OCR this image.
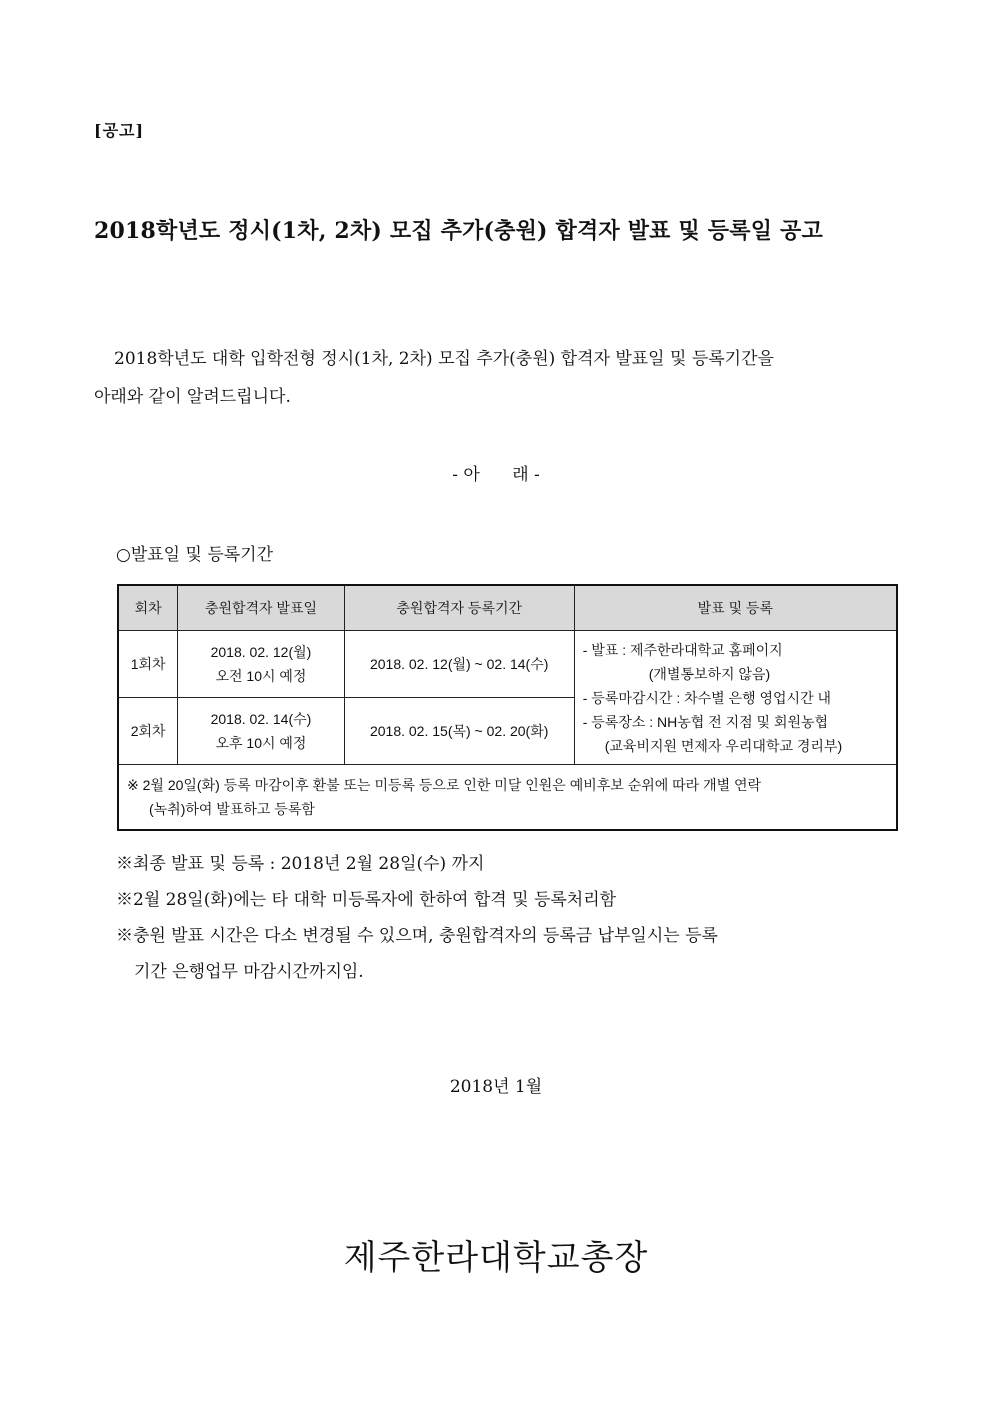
[공고]
2018학년도 정시(1차, 2차) 모집 추가(충원) 합격자 발표 및 등록일 공고
2018학년도 대학 입학전형 정시(1차, 2차) 모집 추가(충원) 합격자 발표일 및 등록기간을
아래와 같이 알려드립니다.
- 아      래 -
○발표일 및 등록기간
회차	충원합격자 발표일	충원합격자 등록기간	발표 및 등록
1회차	2018. 02. 12(월)
오전 10시 예정	2018. 02. 12(월) ~ 02. 14(수)	- 발표 : 제주한라대학교 홈페이지
(개별통보하지 않음)
- 등록마감시간 : 차수별 은행 영업시간 내
- 등록장소 : NH농협 전 지점 및 회원농협
(교육비지원 면제자 우리대학교 경리부)

2회차	2018. 02. 14(수)
오후 10시 예정	2018. 02. 15(목) ~ 02. 20(화)	

※ 2월 20일(화) 등록 마감이후 환불 또는 미등록 등으로 인한 미달 인원은 예비후보 순위에 따라 개별 연락
(녹취)하여 발표하고 등록함			
※최종 발표 및 등록 : 2018년 2월 28일(수) 까지
※2월 28일(화)에는 타 대학 미등록자에 한하여 합격 및 등록처리함
※충원 발표 시간은 다소 변경될 수 있으며, 충원합격자의 등록금 납부일시는 등록
기간 은행업무 마감시간까지임.
2018년 1월
제주한라대학교총장
